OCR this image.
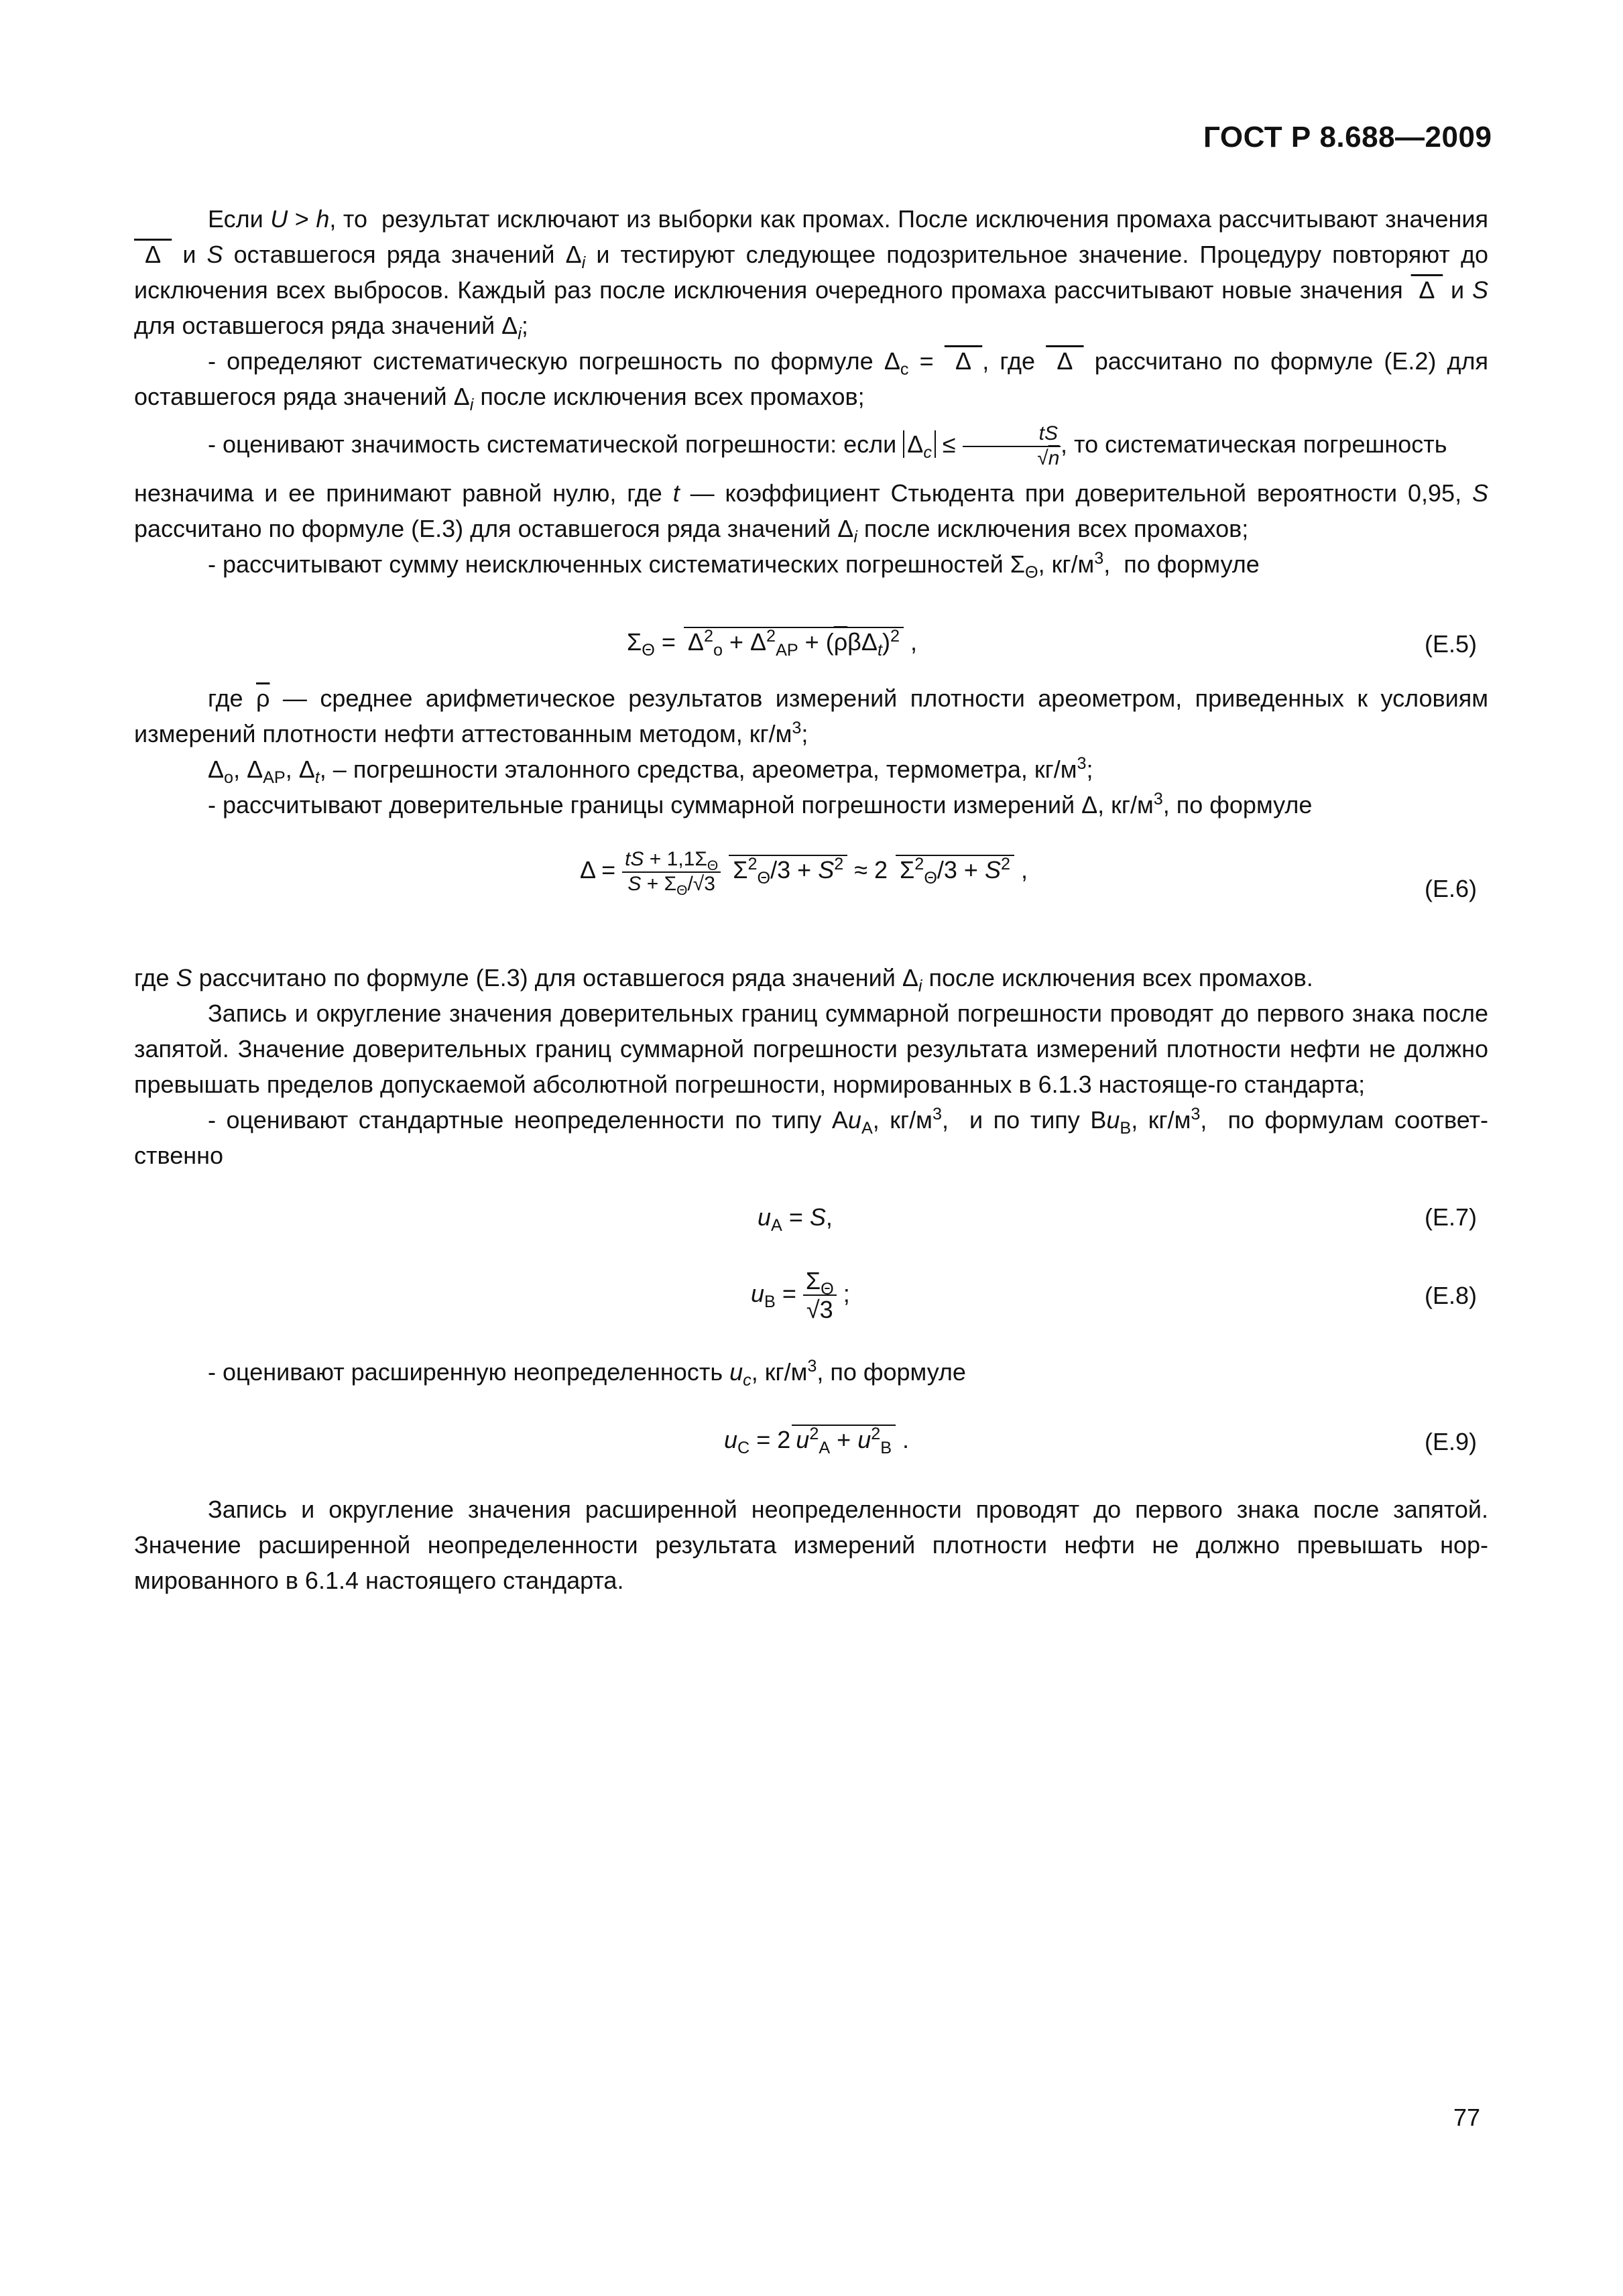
ГОСТ Р 8.688—2009

Если U > h, то  результат исключают из выборки как промах. После исключения промаха рассчитывают значения  Δ  и S оставшегося ряда значений $\Delta_i$ и тестируют следующее подозрительное значение. Процедуру повторяют до исключения всех выбросов. Каждый раз после исключения очередного промаха рассчитывают новые значения  Δ  и S для оставшегося ряда значений $\Delta_i$;

- определяют систематическую погрешность по формуле $\Delta_c = \Delta$ , где  Δ  рассчитано по формуле (Е.2) для оставшегося ряда значений $\Delta_i$ после исключения всех промахов;

- оценивают значимость систематической погрешности: если $\Delta_c \le \frac{tS}{√n}$ , то систематическая погрешность

незначима и ее принимают равной нулю, где t — коэффициент Стьюдента при доверительной вероятности 0,95, S рассчитано по формуле (Е.3) для оставшегося ряда значений $\Delta_i$ после исключения всех промахов;

- рассчитывают сумму неисключенных систематических погрешностей $\Sigma_\Theta$, $кг/м^3$,  по формуле

$\Sigma_\Theta = \Delta^2_o + \Delta^2_{AP} + (\overline{\rho}\beta\Delta_t)^2$ ,	(Е.5)

где $\overline{\rho}$ — среднее арифметическое результатов измерений плотности ареометром, приведенных к условиям измерений плотности нефти аттестованным методом, $кг/м^3$;

$\Delta_o$, $\Delta_{AP}$, $\Delta_t$, – погрешности эталонного средства, ареометра, термометра, $кг/м^3$;

- рассчитывают доверительные границы суммарной погрешности измерений Δ, $кг/м^3$, по формуле

$\Delta = \frac{tS + 1,1\Sigma_\Theta}{S + \Sigma_\Theta/√3} \Sigma^2_\Theta/3 + S^2 \approx 2$ $\Sigma^2_\Theta/3 + S^2$ ,
(Е.6)

где S рассчитано по формуле (Е.3) для оставшегося ряда значений $\Delta_i$ после исключения всех промахов.

Запись и округление значения доверительных границ суммарной погрешности проводят до первого знака после запятой. Значение доверительных границ суммарной погрешности результата измерений плотности нефти не должно превышать пределов допускаемой абсолютной погрешности, нормированных в 6.1.3 настояще-го стандарта;

- оценивают стандартные неопределенности по типу $Аu_A$, $кг/м^3$,  и по типу $Вu_B$, $кг/м^3$,  по формулам соответ-ственно

$u_A = S$,	(Е.7)
$u_B = \frac{\Sigma_\Theta}{√3}$ ;	(Е.8)

- оценивают расширенную неопределенность $u_c$, $кг/м^3$, по формуле

$u_C = 2$ $u^2_A + u^2_B$ .	(Е.9)

Запись и округление значения расширенной неопределенности проводят до первого знака после запятой. Значение расширенной неопределенности результата измерений плотности нефти не должно превышать нор-мированного в 6.1.4 настоящего стандарта.

77
